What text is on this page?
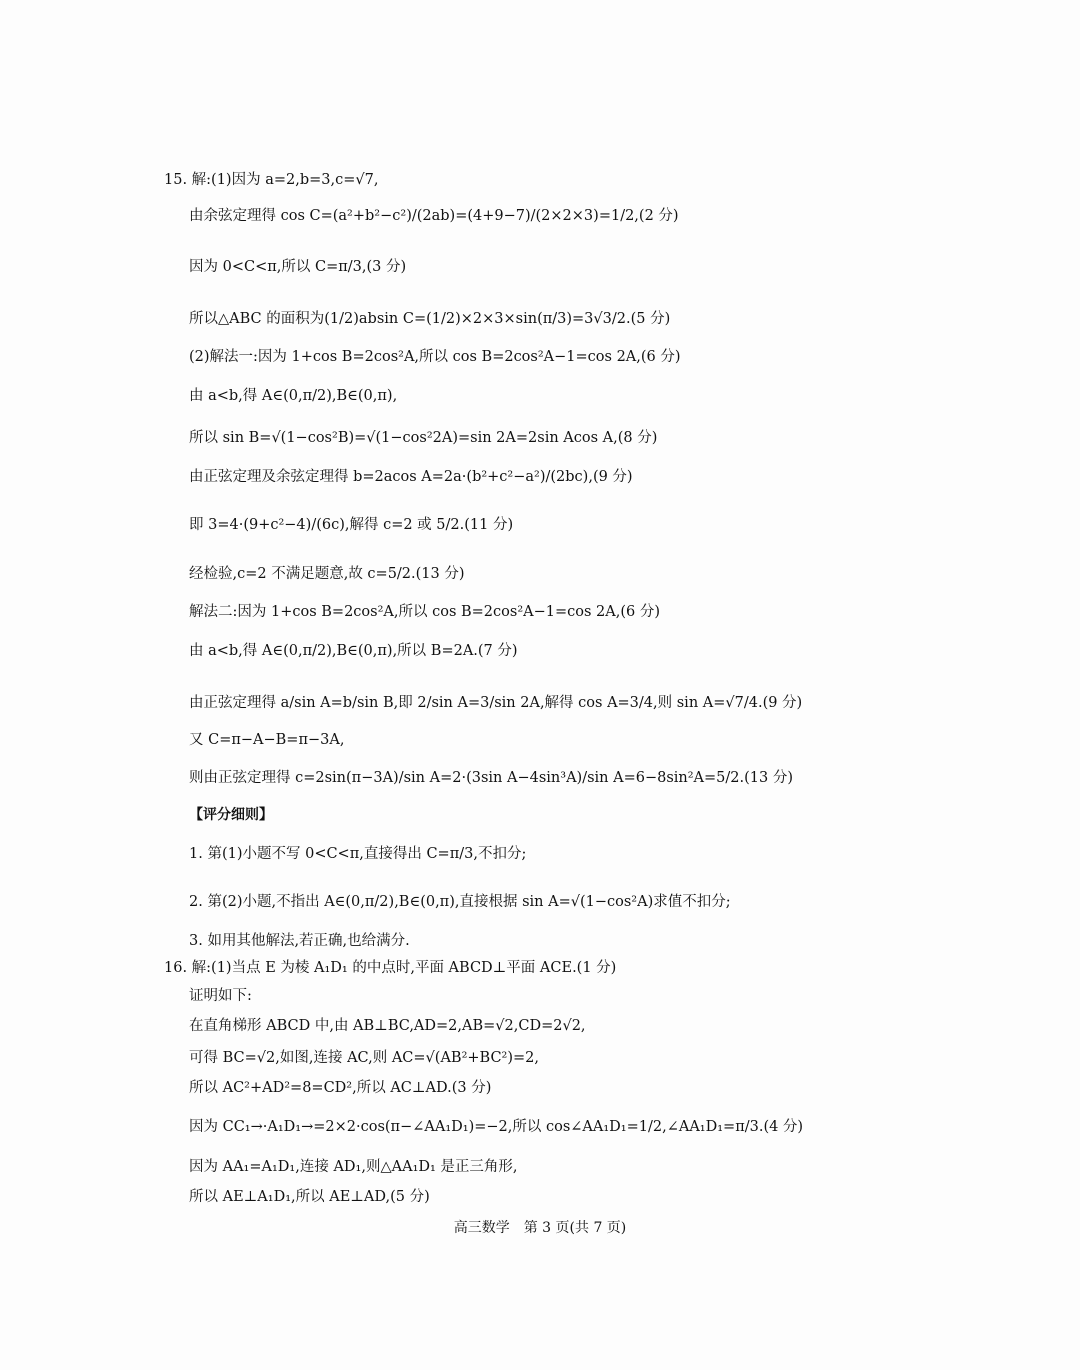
15. 解:(1)因为 a=2,b=3,c=√7,
由余弦定理得 cos C=(a²+b²−c²)/(2ab)=(4+9−7)/(2×2×3)=1/2,(2 分)
因为 0<C<π,所以 C=π/3,(3 分)
所以△ABC 的面积为(1/2)absin C=(1/2)×2×3×sin(π/3)=3√3/2.(5 分)
(2)解法一:因为 1+cos B=2cos²A,所以 cos B=2cos²A−1=cos 2A,(6 分)
由 a<b,得 A∈(0,π/2),B∈(0,π),
所以 sin B=√(1−cos²B)=√(1−cos²2A)=sin 2A=2sin Acos A,(8 分)
由正弦定理及余弦定理得 b=2acos A=2a·(b²+c²−a²)/(2bc),(9 分)
即 3=4·(9+c²−4)/(6c),解得 c=2 或 5/2.(11 分)
经检验,c=2 不满足题意,故 c=5/2.(13 分)
解法二:因为 1+cos B=2cos²A,所以 cos B=2cos²A−1=cos 2A,(6 分)
由 a<b,得 A∈(0,π/2),B∈(0,π),所以 B=2A.(7 分)
由正弦定理得 a/sin A=b/sin B,即 2/sin A=3/sin 2A,解得 cos A=3/4,则 sin A=√7/4.(9 分)
又 C=π−A−B=π−3A,
则由正弦定理得 c=2sin(π−3A)/sin A=2·(3sin A−4sin³A)/sin A=6−8sin²A=5/2.(13 分)
【评分细则】
1. 第(1)小题不写 0<C<π,直接得出 C=π/3,不扣分;
2. 第(2)小题,不指出 A∈(0,π/2),B∈(0,π),直接根据 sin A=√(1−cos²A)求值不扣分;
3. 如用其他解法,若正确,也给满分.
16. 解:(1)当点 E 为棱 A₁D₁ 的中点时,平面 ABCD⊥平面 ACE.(1 分)
证明如下:
在直角梯形 ABCD 中,由 AB⊥BC,AD=2,AB=√2,CD=2√2,
可得 BC=√2,如图,连接 AC,则 AC=√(AB²+BC²)=2,
所以 AC²+AD²=8=CD²,所以 AC⊥AD.(3 分)
因为 CC₁→·A₁D₁→=2×2·cos(π−∠AA₁D₁)=−2,所以 cos∠AA₁D₁=1/2,∠AA₁D₁=π/3.(4 分)
因为 AA₁=A₁D₁,连接 AD₁,则△AA₁D₁ 是正三角形,
所以 AE⊥A₁D₁,所以 AE⊥AD,(5 分)
高三数学　第 3 页(共 7 页)
